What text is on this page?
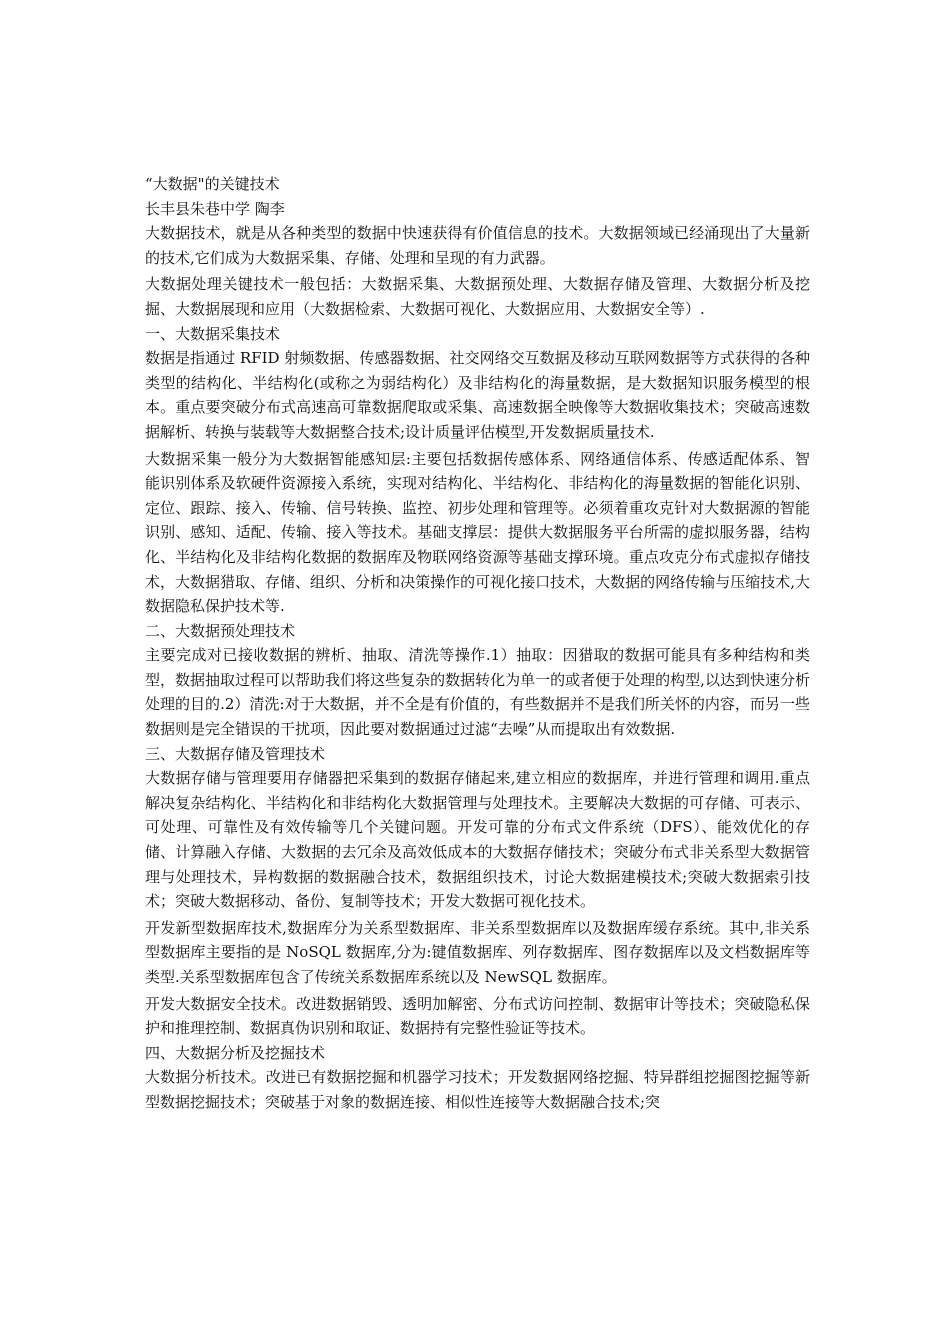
“大数据"的关键技术

长丰县朱巷中学 陶李

大数据技术，就是从各种类型的数据中快速获得有价值信息的技术。大数据领域已经涌现出了大量新的技术,它们成为大数据采集、存储、处理和呈现的有力武器。

大数据处理关键技术一般包括：大数据采集、大数据预处理、大数据存储及管理、大数据分析及挖掘、大数据展现和应用（大数据检索、大数据可视化、大数据应用、大数据安全等）.

一、大数据采集技术

数据是指通过 RFID 射频数据、传感器数据、社交网络交互数据及移动互联网数据等方式获得的各种类型的结构化、半结构化(或称之为弱结构化）及非结构化的海量数据，是大数据知识服务模型的根本。重点要突破分布式高速高可靠数据爬取或采集、高速数据全映像等大数据收集技术；突破高速数据解析、转换与装载等大数据整合技术;设计质量评估模型,开发数据质量技术.

大数据采集一般分为大数据智能感知层:主要包括数据传感体系、网络通信体系、传感适配体系、智能识别体系及软硬件资源接入系统，实现对结构化、半结构化、非结构化的海量数据的智能化识别、定位、跟踪、接入、传输、信号转换、监控、初步处理和管理等。必须着重攻克针对大数据源的智能识别、感知、适配、传输、接入等技术。基础支撑层：提供大数据服务平台所需的虚拟服务器，结构化、半结构化及非结构化数据的数据库及物联网络资源等基础支撑环境。重点攻克分布式虚拟存储技术，大数据猎取、存储、组织、分析和决策操作的可视化接口技术，大数据的网络传输与压缩技术,大数据隐私保护技术等.

二、大数据预处理技术

主要完成对已接收数据的辨析、抽取、清洗等操作.1）抽取：因猎取的数据可能具有多种结构和类型，数据抽取过程可以帮助我们将这些复杂的数据转化为单一的或者便于处理的构型,以达到快速分析处理的目的.2）清洗:对于大数据，并不全是有价值的，有些数据并不是我们所关怀的内容，而另一些数据则是完全错误的干扰项，因此要对数据通过过滤“去噪”从而提取出有效数据.

三、大数据存储及管理技术

大数据存储与管理要用存储器把采集到的数据存储起来,建立相应的数据库，并进行管理和调用.重点解决复杂结构化、半结构化和非结构化大数据管理与处理技术。主要解决大数据的可存储、可表示、可处理、可靠性及有效传输等几个关键问题。开发可靠的分布式文件系统（DFS）、能效优化的存储、计算融入存储、大数据的去冗余及高效低成本的大数据存储技术；突破分布式非关系型大数据管理与处理技术，异构数据的数据融合技术，数据组织技术，讨论大数据建模技术;突破大数据索引技术；突破大数据移动、备份、复制等技术；开发大数据可视化技术。

开发新型数据库技术,数据库分为关系型数据库、非关系型数据库以及数据库缓存系统。其中,非关系型数据库主要指的是 NoSQL 数据库,分为:键值数据库、列存数据库、图存数据库以及文档数据库等类型.关系型数据库包含了传统关系数据库系统以及 NewSQL 数据库。

开发大数据安全技术。改进数据销毁、透明加解密、分布式访问控制、数据审计等技术；突破隐私保护和推理控制、数据真伪识别和取证、数据持有完整性验证等技术。

四、大数据分析及挖掘技术

大数据分析技术。改进已有数据挖掘和机器学习技术；开发数据网络挖掘、特异群组挖掘图挖掘等新型数据挖掘技术；突破基于对象的数据连接、相似性连接等大数据融合技术;突
